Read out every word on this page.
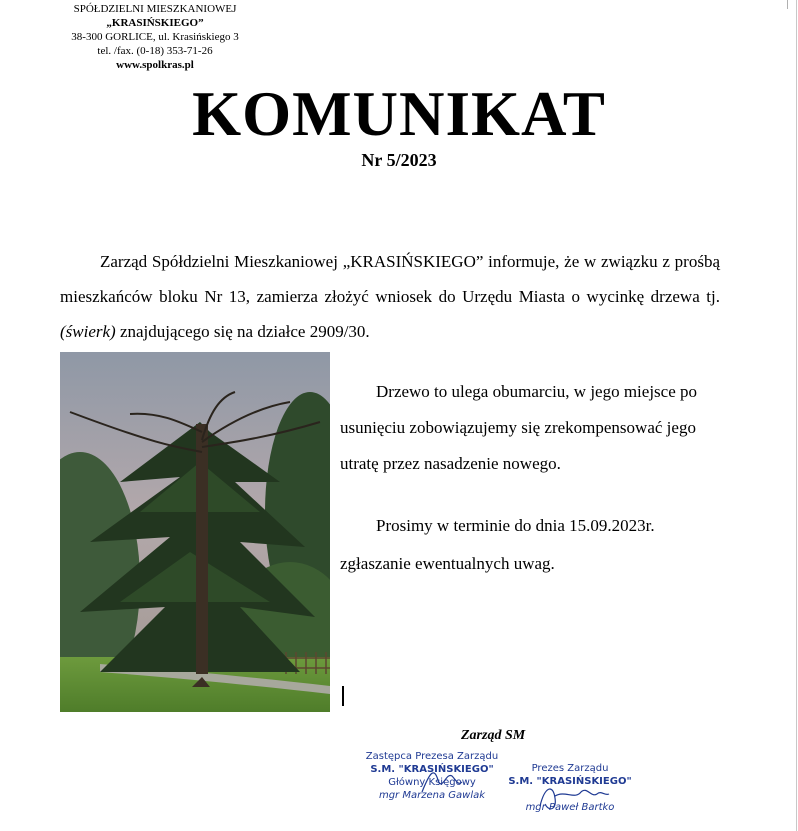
SPÓŁDZIELNI MIESZKANIOWEJ
„KRASIŃSKIEGO”
38-300 GORLICE, ul. Krasińskiego 3
tel. /fax. (0-18) 353-71-26
www.spolkras.pl
KOMUNIKAT
Nr 5/2023

Zarząd Spółdzielni Mieszkaniowej „KRASIŃSKIEGO” informuje, że w związku z prośbą mieszkańców bloku Nr 13, zamierza złożyć wniosek do Urzędu Miasta o wycinkę drzewa tj. (świerk) znajdującego się na działce 2909/30.

Drzewo to ulega obumarciu, w jego miejsce po usunięciu zobowiązujemy się zrekompensować jego utratę przez nasadzenie nowego.

Prosimy w terminie do dnia 15.09.2023r. zgłaszanie ewentualnych uwag.

Zarząd SM
Zastępca Prezesa Zarządu
S.M. "KRASIŃSKIEGO"
Główny Księgowy
mgr Marzena Gawlak
Prezes Zarządu
S.M. "KRASIŃSKIEGO"
mgr Paweł Bartko
